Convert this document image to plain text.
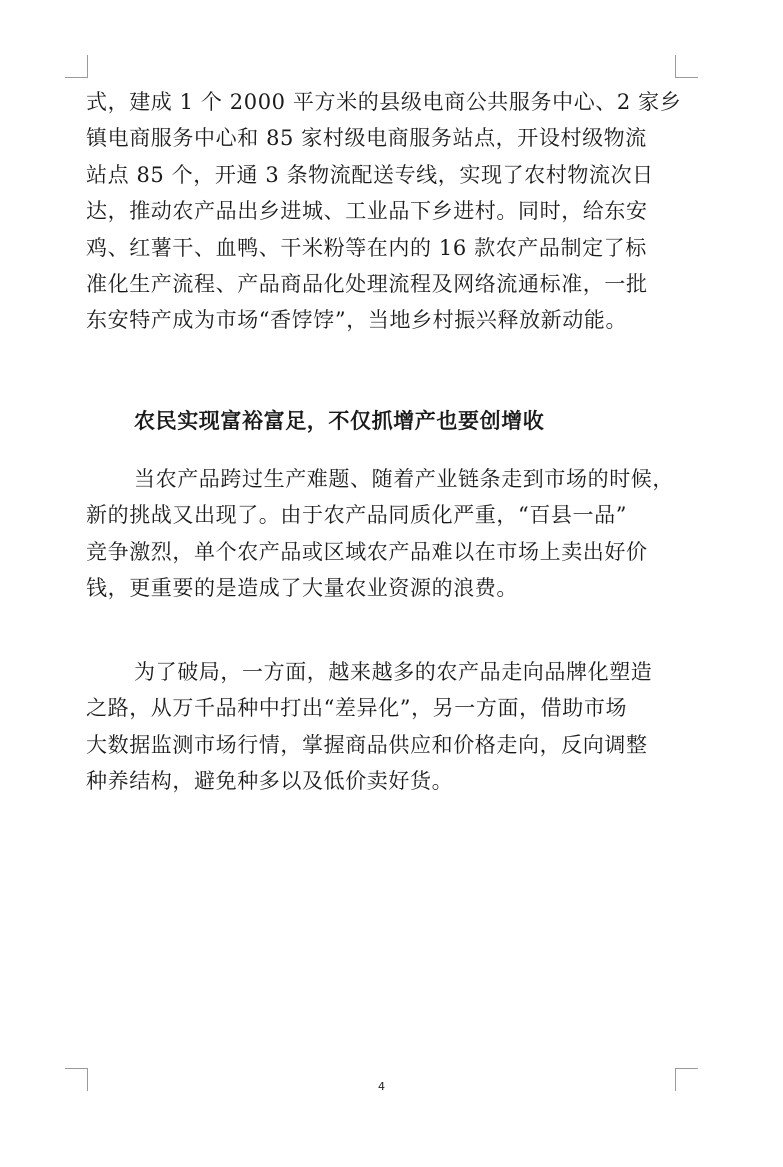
式，建成 1 个 2000 平方米的县级电商公共服务中心、2 家乡
镇电商服务中心和 85 家村级电商服务站点，开设村级物流
站点 85 个，开通 3 条物流配送专线，实现了农村物流次日
达，推动农产品出乡进城、工业品下乡进村。同时，给东安
鸡、红薯干、血鸭、干米粉等在内的 16 款农产品制定了标
准化生产流程、产品商品化处理流程及网络流通标准，一批
东安特产成为市场“香饽饽”，当地乡村振兴释放新动能。
农民实现富裕富足，不仅抓增产也要创增收
当农产品跨过生产难题、随着产业链条走到市场的时候，
新的挑战又出现了。由于农产品同质化严重，“百县一品”
竞争激烈，单个农产品或区域农产品难以在市场上卖出好价
钱，更重要的是造成了大量农业资源的浪费。
为了破局，一方面，越来越多的农产品走向品牌化塑造
之路，从万千品种中打出“差异化”，另一方面，借助市场
大数据监测市场行情，掌握商品供应和价格走向，反向调整
种养结构，避免种多以及低价卖好货。
4
